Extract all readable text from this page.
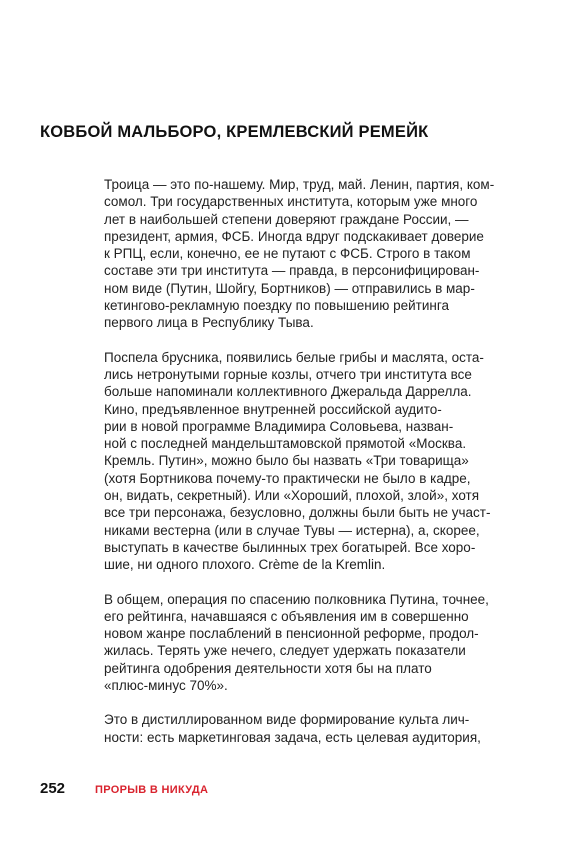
КОВБОЙ МАЛЬБОРО, КРЕМЛЕВСКИЙ РЕМЕЙК

Троица — это по-нашему. Мир, труд, май. Ленин, партия, ком-
сомол. Три государственных института, которым уже много
лет в наибольшей степени доверяют граждане России, —
президент, армия, ФСБ. Иногда вдруг подскакивает доверие
к РПЦ, если, конечно, ее не путают с ФСБ. Строго в таком
составе эти три института — правда, в персонифицирован-
ном виде (Путин, Шойгу, Бортников) — отправились в мар-
кетингово-рекламную поездку по повышению рейтинга
первого лица в Республику Тыва.

Поспела брусника, появились белые грибы и маслята, оста-
лись нетронутыми горные козлы, отчего три института все
больше напоминали коллективного Джеральда Даррелла.
Кино, предъявленное внутренней российской аудито-
рии в новой программе Владимира Соловьева, назван-
ной с последней мандельштамовской прямотой «Москва.
Кремль. Путин», можно было бы назвать «Три товарища»
(хотя Бортникова почему-то практически не было в кадре,
он, видать, секретный). Или «Хороший, плохой, злой», хотя
все три персонажа, безусловно, должны были быть не участ-
никами вестерна (или в случае Тувы — истерна), а, скорее,
выступать в качестве былинных трех богатырей. Все хоро-
шие, ни одного плохого. Crème de la Kremlin.

В общем, операция по спасению полковника Путина, точнее,
его рейтинга, начавшаяся с объявления им в совершенно
новом жанре послаблений в пенсионной реформе, продол-
жилась. Терять уже нечего, следует удержать показатели
рейтинга одобрения деятельности хотя бы на плато
«плюс-минус 70%».

Это в дистиллированном виде формирование культа лич-
ности: есть маркетинговая задача, есть целевая аудитория,

252	ПРОРЫВ В НИКУДА
